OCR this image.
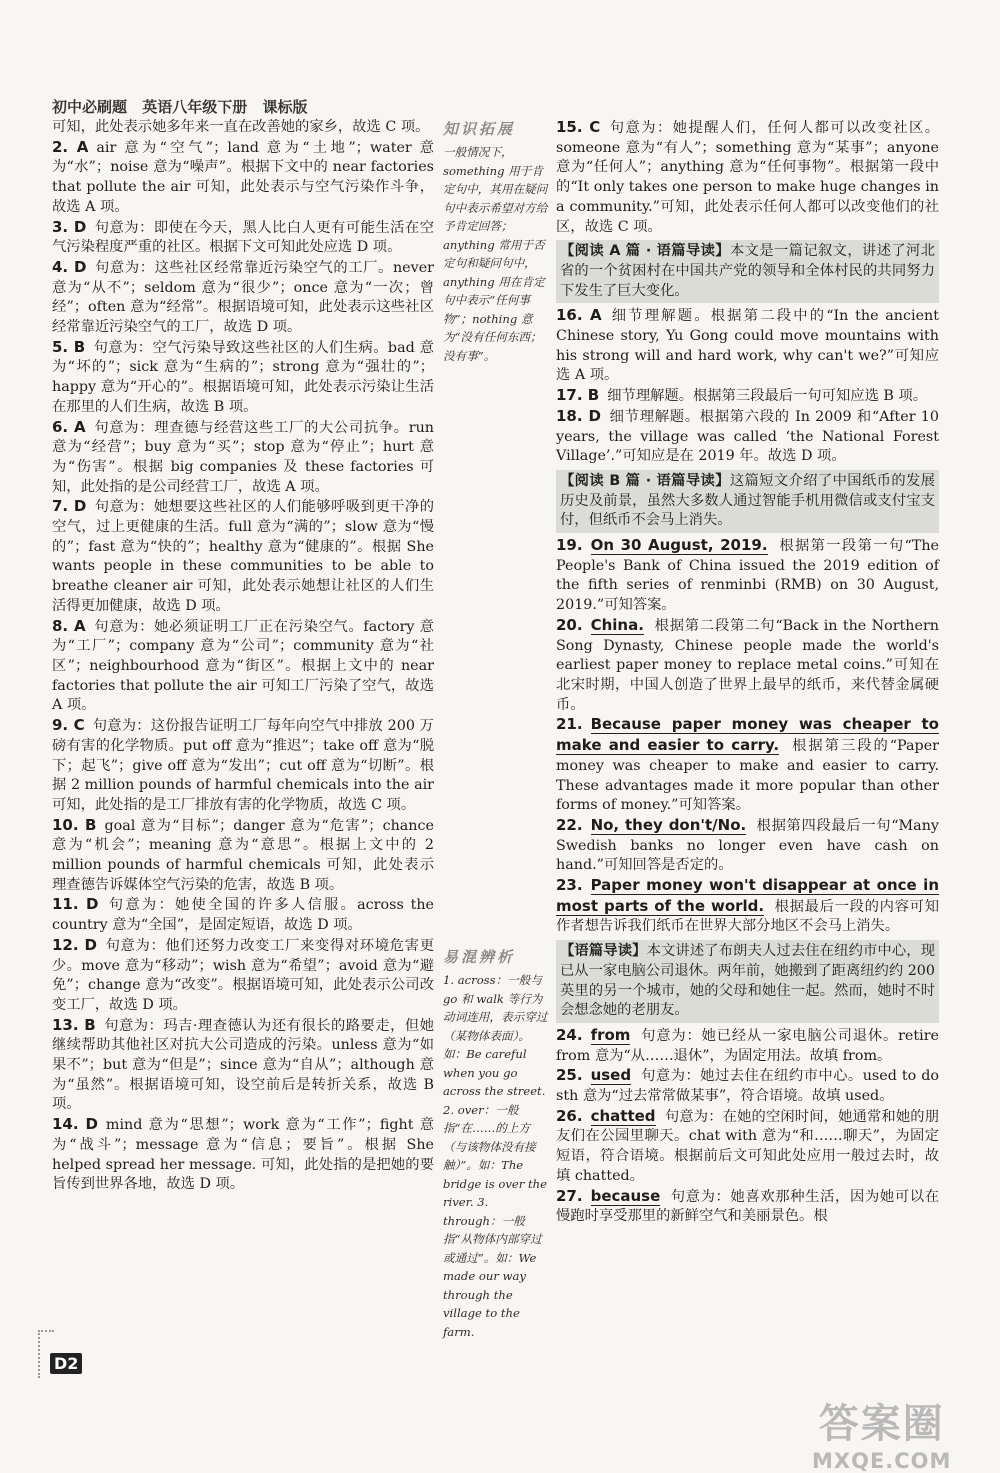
初中必刷题 英语八年级下册 课标版
可知，此处表示她多年来一直在改善她的家乡，故选 C 项。
2. A air 意为“空气”；land 意为“土地”；water 意为“水”；noise 意为“噪声”。根据下文中的 near factories that pollute the air 可知，此处表示与空气污染作斗争，故选 A 项。
3. D 句意为：即使在今天，黑人比白人更有可能生活在空气污染程度严重的社区。根据下文可知此处应选 D 项。
4. D 句意为：这些社区经常靠近污染空气的工厂。never 意为“从不”；seldom 意为“很少”；once 意为“一次；曾经”；often 意为“经常”。根据语境可知，此处表示这些社区经常靠近污染空气的工厂，故选 D 项。
5. B 句意为：空气污染导致这些社区的人们生病。bad 意为“坏的”；sick 意为“生病的”；strong 意为“强壮的”；happy 意为“开心的”。根据语境可知，此处表示污染让生活在那里的人们生病，故选 B 项。
6. A 句意为：理查德与经营这些工厂的大公司抗争。run 意为“经营”；buy 意为“买”；stop 意为“停止”；hurt 意为“伤害”。根据 big companies 及 these factories 可知，此处指的是公司经营工厂，故选 A 项。
7. D 句意为：她想要这些社区的人们能够呼吸到更干净的空气，过上更健康的生活。full 意为“满的”；slow 意为“慢的”；fast 意为“快的”；healthy 意为“健康的”。根据 She wants people in these communities to be able to breathe cleaner air 可知，此处表示她想让社区的人们生活得更加健康，故选 D 项。
8. A 句意为：她必须证明工厂正在污染空气。factory 意为“工厂”；company 意为“公司”；community 意为“社区”；neighbourhood 意为“街区”。根据上文中的 near factories that pollute the air 可知工厂污染了空气，故选 A 项。
9. C 句意为：这份报告证明工厂每年向空气中排放 200 万磅有害的化学物质。put off 意为“推迟”；take off 意为“脱下；起飞”；give off 意为“发出”；cut off 意为“切断”。根据 2 million pounds of harmful chemicals into the air 可知，此处指的是工厂排放有害的化学物质，故选 C 项。
10. B goal 意为“目标”；danger 意为“危害”；chance 意为“机会”；meaning 意为“意思”。根据上文中的 2 million pounds of harmful chemicals 可知，此处表示理查德告诉媒体空气污染的危害，故选 B 项。
11. D 句意为：她使全国的许多人信服。across the country 意为“全国”，是固定短语，故选 D 项。
12. D 句意为：他们还努力改变工厂来变得对环境危害更少。move 意为“移动”；wish 意为“希望”；avoid 意为“避免”；change 意为“改变”。根据语境可知，此处表示公司改变工厂，故选 D 项。
13. B 句意为：玛吉·理查德认为还有很长的路要走，但她继续帮助其他社区对抗大公司造成的污染。unless 意为“如果不”；but 意为“但是”；since 意为“自从”；although 意为“虽然”。根据语境可知，设空前后是转折关系，故选 B 项。
14. D mind 意为“思想”；work 意为“工作”；fight 意为“战斗”；message 意为“信息；要旨”。根据 She helped spread her message. 可知，此处指的是把她的要旨传到世界各地，故选 D 项。
知识拓展
一般情况下，something 用于肯定句中，其用在疑问句中表示希望对方给予肯定回答；anything 常用于否定句和疑问句中，anything 用在肯定句中表示“任何事物”；nothing 意为“没有任何东西；没有事”。
易混辨析
1. across：一般与 go 和 walk 等行为动词连用，表示穿过（某物体表面）。如：Be careful when you go across the street. 2. over：一般指“在……的上方（与该物体没有接触）”。如：The bridge is over the river. 3. through：一般指“从物体内部穿过或通过”。如：We made our way through the village to the farm.
15. C 句意为：她提醒人们，任何人都可以改变社区。someone 意为“有人”；something 意为“某事”；anyone 意为“任何人”；anything 意为“任何事物”。根据第一段中的“It only takes one person to make huge changes in a community.”可知，此处表示任何人都可以改变他们的社区，故选 C 项。
【阅读 A 篇 · 语篇导读】本文是一篇记叙文，讲述了河北省的一个贫困村在中国共产党的领导和全体村民的共同努力下发生了巨大变化。
16. A 细节理解题。根据第二段中的“In the ancient Chinese story, Yu Gong could move mountains with his strong will and hard work, why can't we?”可知应选 A 项。
17. B 细节理解题。根据第三段最后一句可知应选 B 项。
18. D 细节理解题。根据第六段的 In 2009 和“After 10 years, the village was called ‘the National Forest Village’.”可知应是在 2019 年。故选 D 项。
【阅读 B 篇 · 语篇导读】这篇短文介绍了中国纸币的发展历史及前景，虽然大多数人通过智能手机用微信或支付宝支付，但纸币不会马上消失。
19. On 30 August, 2019. 根据第一段第一句“The People's Bank of China issued the 2019 edition of the fifth series of renminbi (RMB) on 30 August, 2019.”可知答案。
20. China. 根据第二段第二句“Back in the Northern Song Dynasty, Chinese people made the world's earliest paper money to replace metal coins.”可知在北宋时期，中国人创造了世界上最早的纸币，来代替金属硬币。
21. Because paper money was cheaper to make and easier to carry. 根据第三段的“Paper money was cheaper to make and easier to carry. These advantages made it more popular than other forms of money.”可知答案。
22. No, they don't/No. 根据第四段最后一句“Many Swedish banks no longer even have cash on hand.”可知回答是否定的。
23. Paper money won't disappear at once in most parts of the world. 根据最后一段的内容可知作者想告诉我们纸币在世界大部分地区不会马上消失。
【语篇导读】本文讲述了布朗夫人过去住在纽约市中心，现已从一家电脑公司退休。两年前，她搬到了距离纽约约 200 英里的另一个城市，她的父母和她住一起。然而，她时不时会想念她的老朋友。
24. from 句意为：她已经从一家电脑公司退休。retire from 意为“从……退休”，为固定用法。故填 from。
25. used 句意为：她过去住在纽约市中心。used to do sth 意为“过去常常做某事”，符合语境。故填 used。
26. chatted 句意为：在她的空闲时间，她通常和她的朋友们在公园里聊天。chat with 意为“和……聊天”，为固定短语，符合语境。根据前后文可知此处应用一般过去时，故填 chatted。
27. because 句意为：她喜欢那种生活，因为她可以在慢跑时享受那里的新鲜空气和美丽景色。根
D2
答案圈
MXQE.COM
